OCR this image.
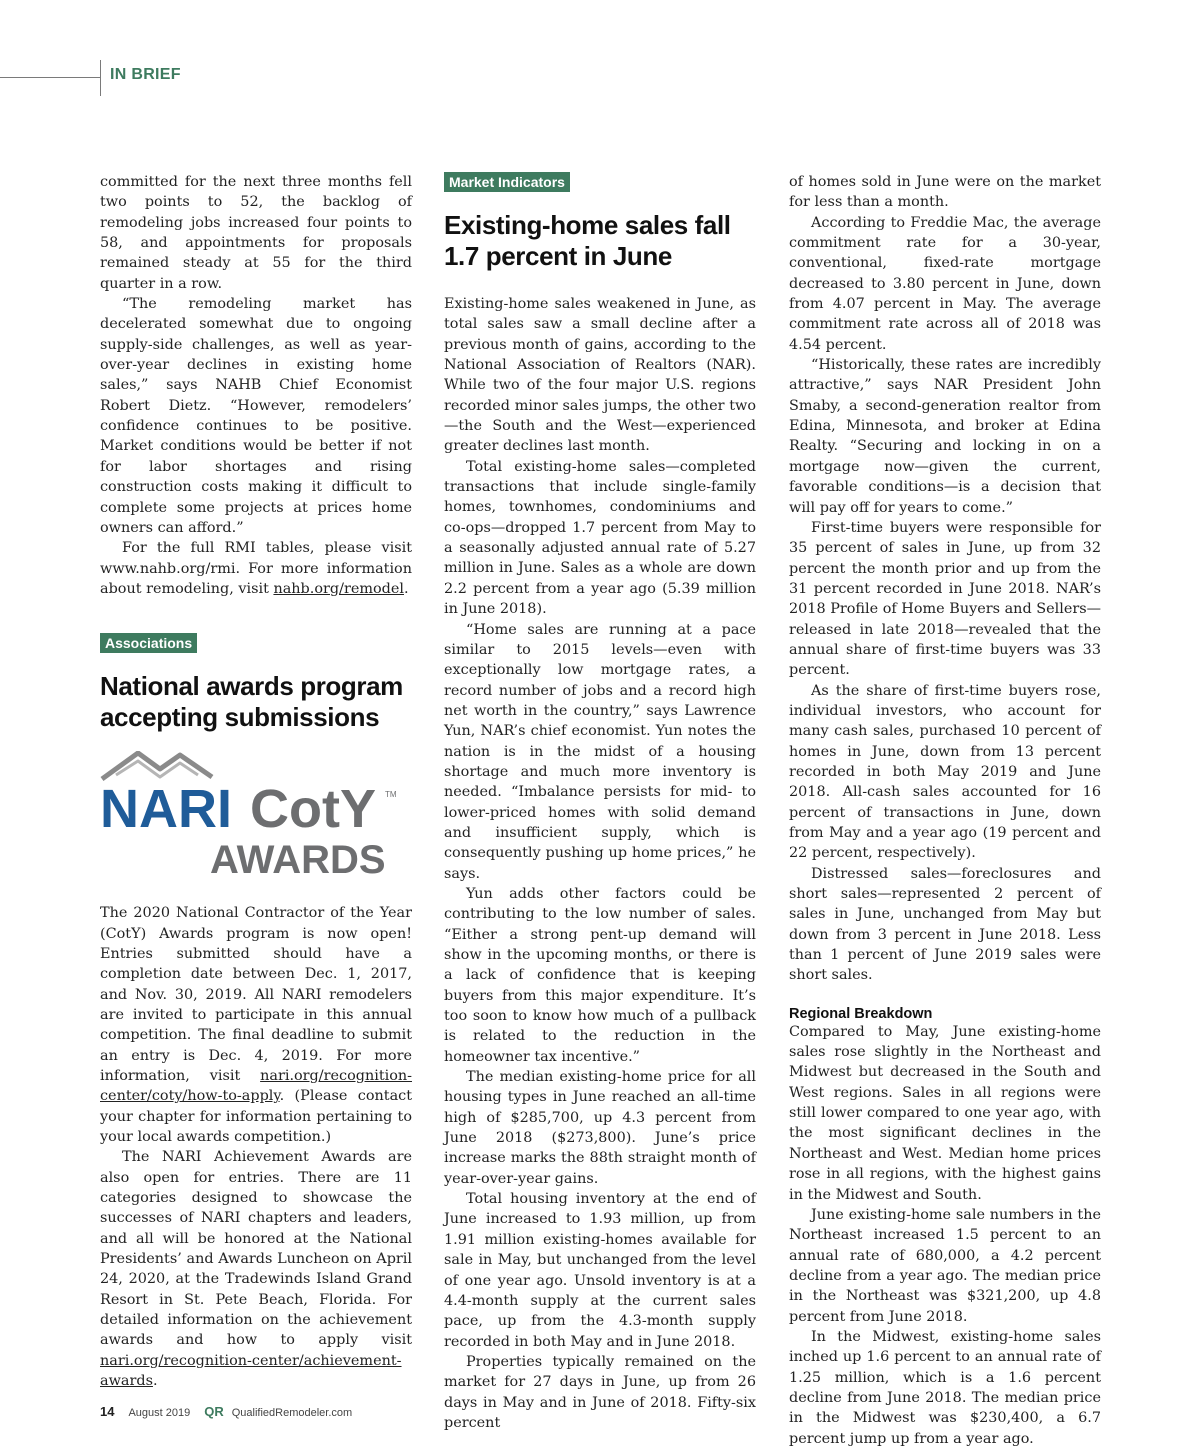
IN BRIEF

committed for the next three months fell two points to 52, the backlog of remodeling jobs increased four points to 58, and appointments for proposals remained steady at 55 for the third quarter in a row.

“The remodeling market has decelerated somewhat due to ongoing supply-side challenges, as well as year-over-year declines in existing home sales,” says NAHB Chief Economist Robert Dietz. “However, remodelers’ confidence continues to be positive. Market conditions would be better if not for labor shortages and rising construction costs making it difficult to complete some projects at prices home owners can afford.”

For the full RMI tables, please visit www.nahb.org/rmi. For more information about remodeling, visit nahb.org/remodel.

Associations
National awards program accepting submissions
NARI CotY TM
AWARDS

The 2020 National Contractor of the Year (CotY) Awards program is now open! Entries submitted should have a completion date between Dec. 1, 2017, and Nov. 30, 2019. All NARI remodelers are invited to participate in this annual competition. The final deadline to submit an entry is Dec. 4, 2019. For more information, visit nari.org/recognition-center/coty/how-to-apply. (Please contact your chapter for information pertaining to your local awards competition.)

The NARI Achievement Awards are also open for entries. There are 11 categories designed to showcase the successes of NARI chapters and leaders, and all will be honored at the National Presidents’ and Awards Luncheon on April 24, 2020, at the Tradewinds Island Grand Resort in St. Pete Beach, Florida. For detailed information on the achievement awards and how to apply visit nari.org/recognition-center/achievement-awards.

Market Indicators
Existing-home sales fall 1.7 percent in June

Existing-home sales weakened in June, as total sales saw a small decline after a previous month of gains, according to the National Association of Realtors (NAR). While two of the four major U.S. regions recorded minor sales jumps, the other two—the South and the West—experienced greater declines last month.

Total existing-home sales—completed transactions that include single-family homes, townhomes, condominiums and co-ops—dropped 1.7 percent from May to a seasonally adjusted annual rate of 5.27 million in June. Sales as a whole are down 2.2 percent from a year ago (5.39 million in June 2018).

“Home sales are running at a pace similar to 2015 levels—even with exceptionally low mortgage rates, a record number of jobs and a record high net worth in the country,” says Lawrence Yun, NAR’s chief economist. Yun notes the nation is in the midst of a housing shortage and much more inventory is needed. “Imbalance persists for mid- to lower-priced homes with solid demand and insufficient supply, which is consequently pushing up home prices,” he says.

Yun adds other factors could be contributing to the low number of sales. “Either a strong pent-up demand will show in the upcoming months, or there is a lack of confidence that is keeping buyers from this major expenditure. It’s too soon to know how much of a pullback is related to the reduction in the homeowner tax incentive.”

The median existing-home price for all housing types in June reached an all-time high of $285,700, up 4.3 percent from June 2018 ($273,800). June’s price increase marks the 88th straight month of year-over-year gains.

Total housing inventory at the end of June increased to 1.93 million, up from 1.91 million existing-homes available for sale in May, but unchanged from the level of one year ago. Unsold inventory is at a 4.4-month supply at the current sales pace, up from the 4.3-month supply recorded in both May and in June 2018.

Properties typically remained on the market for 27 days in June, up from 26 days in May and in June of 2018. Fifty-six percent

of homes sold in June were on the market for less than a month.

According to Freddie Mac, the average commitment rate for a 30-year, conventional, fixed-rate mortgage decreased to 3.80 percent in June, down from 4.07 percent in May. The average commitment rate across all of 2018 was 4.54 percent.

“Historically, these rates are incredibly attractive,” says NAR President John Smaby, a second-generation realtor from Edina, Minnesota, and broker at Edina Realty. “Securing and locking in on a mortgage now—given the current, favorable conditions—is a decision that will pay off for years to come.”

First-time buyers were responsible for 35 percent of sales in June, up from 32 percent the month prior and up from the 31 percent recorded in June 2018. NAR’s 2018 Profile of Home Buyers and Sellers—released in late 2018—revealed that the annual share of first-time buyers was 33 percent.

As the share of first-time buyers rose, individual investors, who account for many cash sales, purchased 10 percent of homes in June, down from 13 percent recorded in both May 2019 and June 2018. All-cash sales accounted for 16 percent of transactions in June, down from May and a year ago (19 percent and 22 percent, respectively).

Distressed sales—foreclosures and short sales—represented 2 percent of sales in June, unchanged from May but down from 3 percent in June 2018. Less than 1 percent of June 2019 sales were short sales.

Regional Breakdown

Compared to May, June existing-home sales rose slightly in the Northeast and Midwest but decreased in the South and West regions. Sales in all regions were still lower compared to one year ago, with the most significant declines in the Northeast and West. Median home prices rose in all regions, with the highest gains in the Midwest and South.

June existing-home sale numbers in the Northeast increased 1.5 percent to an annual rate of 680,000, a 4.2 percent decline from a year ago. The median price in the Northeast was $321,200, up 4.8 percent from June 2018.

In the Midwest, existing-home sales inched up 1.6 percent to an annual rate of 1.25 million, which is a 1.6 percent decline from June 2018. The median price in the Midwest was $230,400, a 6.7 percent jump up from a year ago.

14 August 2019 QR QualifiedRemodeler.com
